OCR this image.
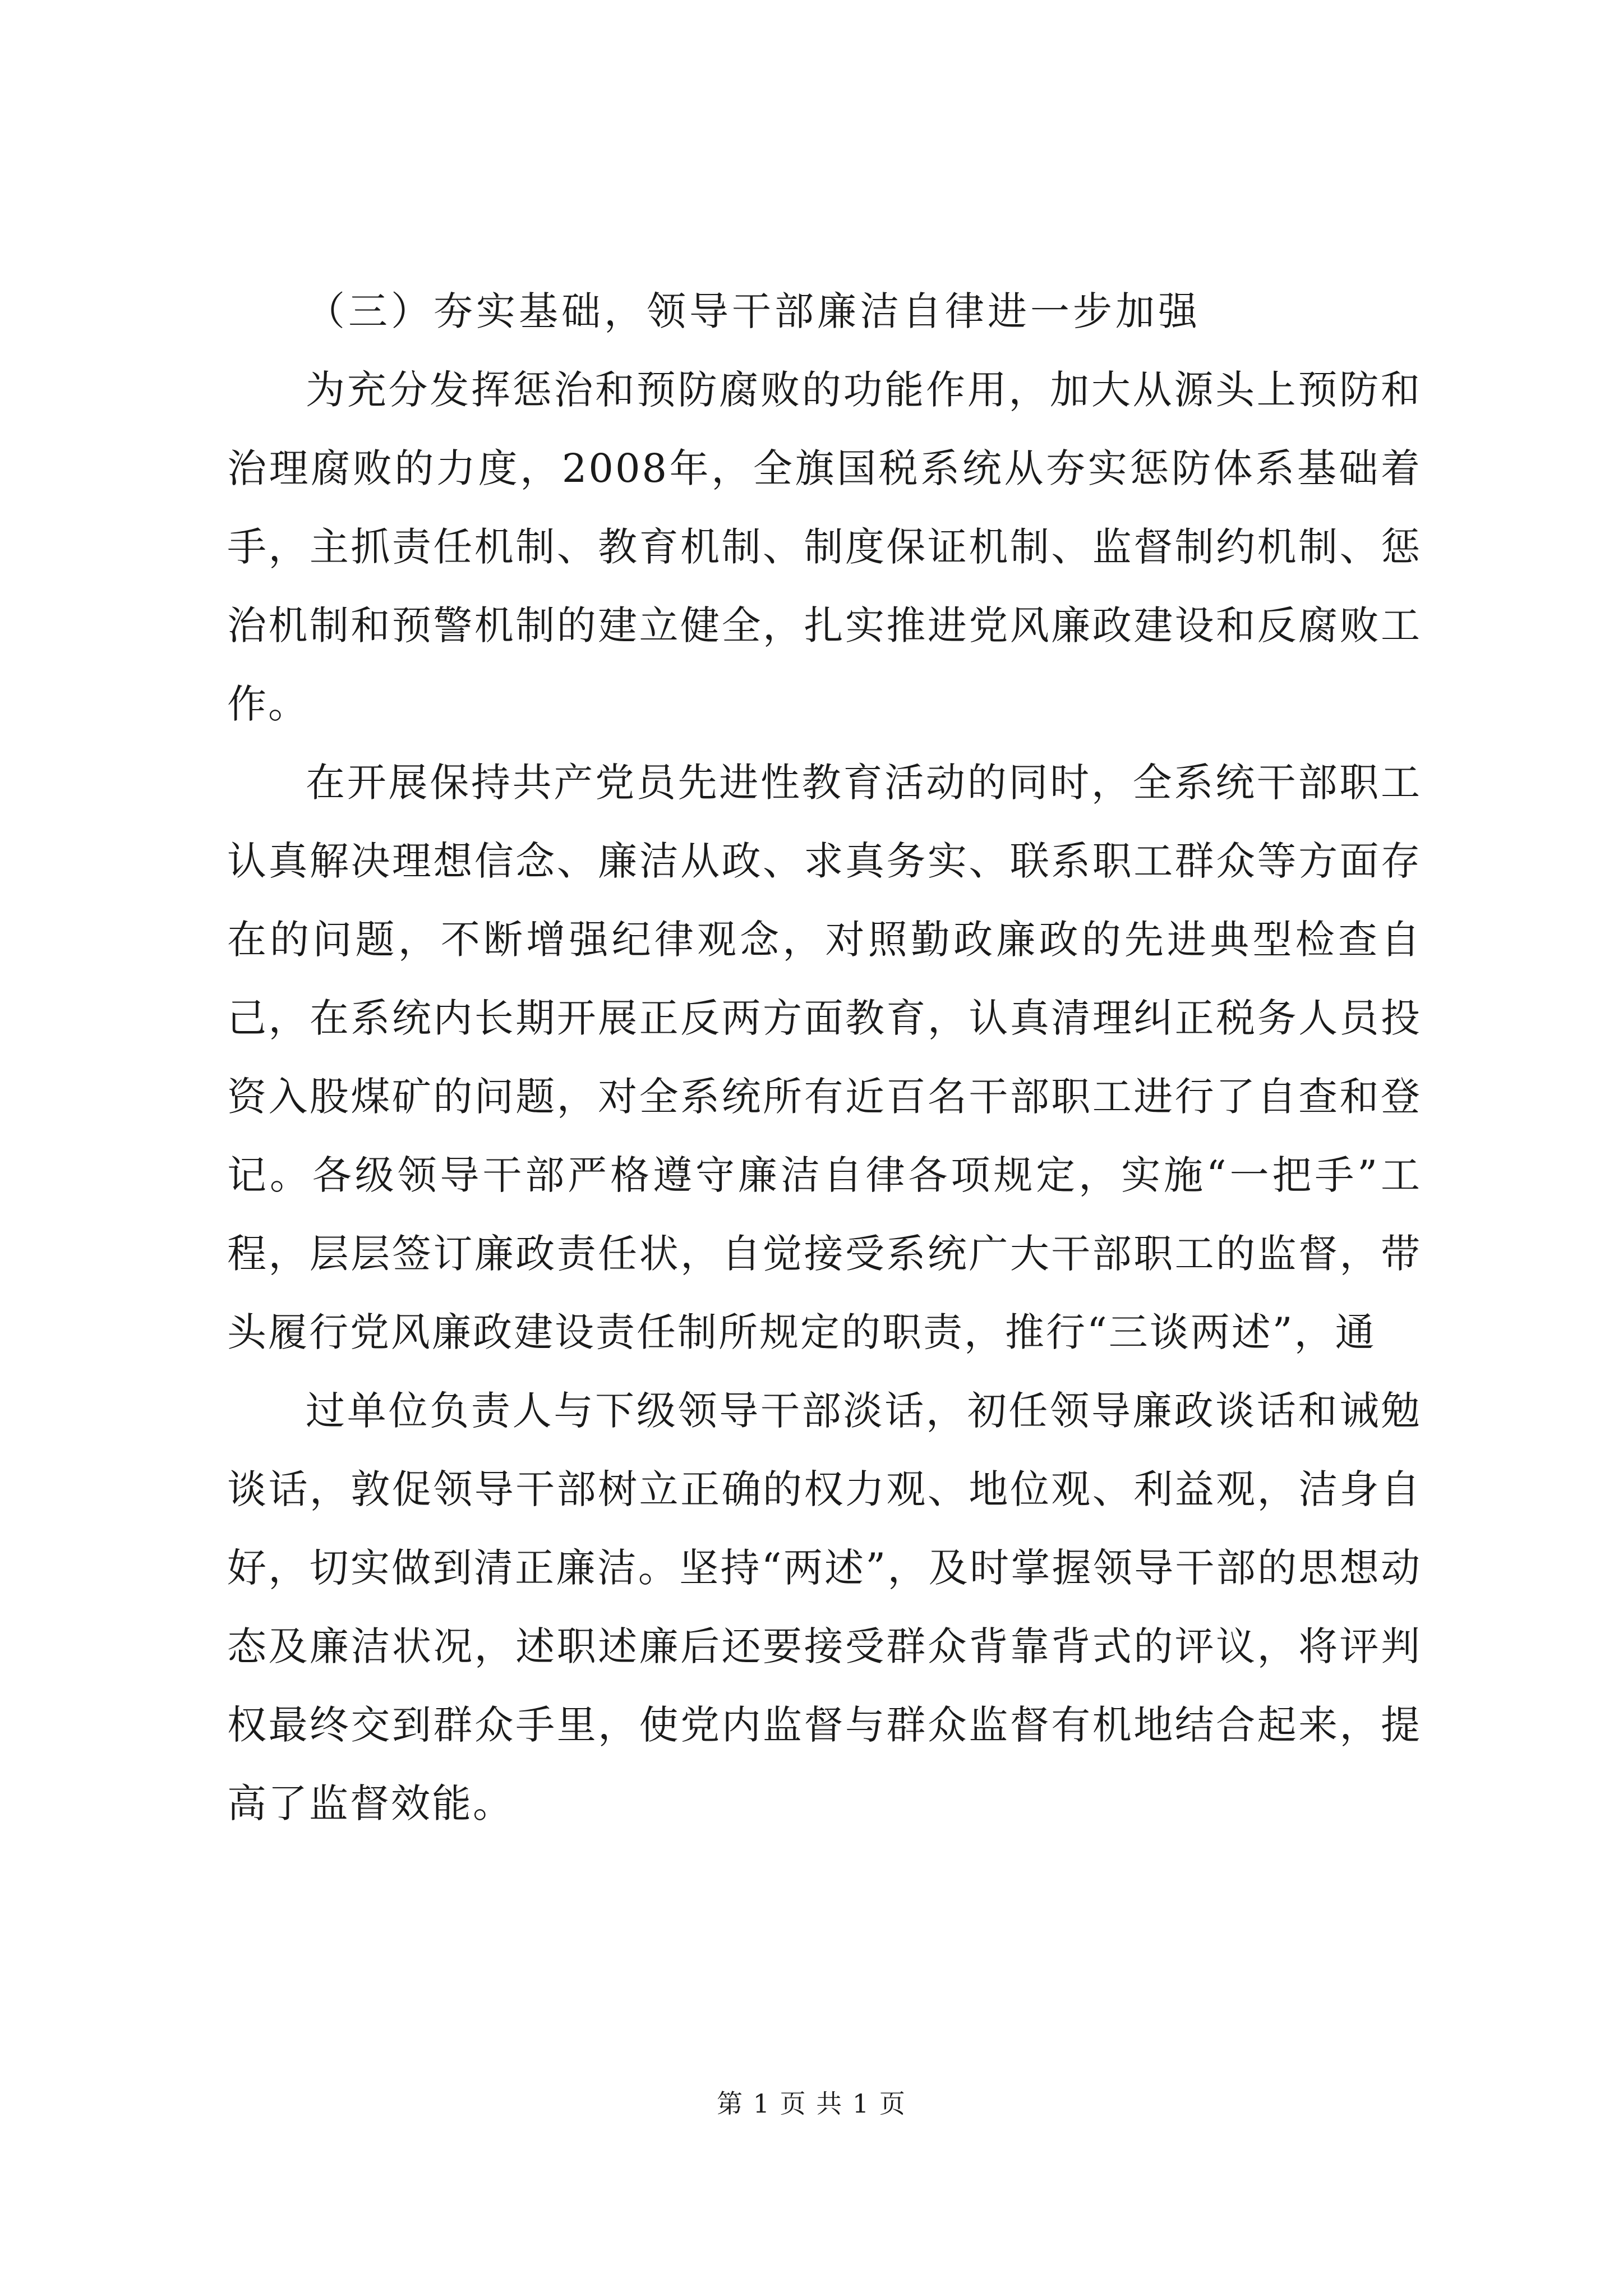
（三）夯实基础，领导干部廉洁自律进一步加强

为充分发挥惩治和预防腐败的功能作用，加大从源头上预防和治理腐败的力度，2008年，全旗国税系统从夯实惩防体系基础着手，主抓责任机制、教育机制、制度保证机制、监督制约机制、惩治机制和预警机制的建立健全，扎实推进党风廉政建设和反腐败工作。

在开展保持共产党员先进性教育活动的同时，全系统干部职工认真解决理想信念、廉洁从政、求真务实、联系职工群众等方面存在的问题，不断增强纪律观念，对照勤政廉政的先进典型检查自己，在系统内长期开展正反两方面教育，认真清理纠正税务人员投资入股煤矿的问题，对全系统所有近百名干部职工进行了自查和登记。各级领导干部严格遵守廉洁自律各项规定，实施“一把手”工程，层层签订廉政责任状，自觉接受系统广大干部职工的监督，带头履行党风廉政建设责任制所规定的职责，推行“三谈两述”，通

过单位负责人与下级领导干部淡话，初任领导廉政谈话和诫勉谈话，敦促领导干部树立正确的权力观、地位观、利益观，洁身自好，切实做到清正廉洁。坚持“两述”，及时掌握领导干部的思想动态及廉洁状况，述职述廉后还要接受群众背靠背式的评议，将评判权最终交到群众手里，使党内监督与群众监督有机地结合起来，提高了监督效能。

第 1 页 共 1 页
